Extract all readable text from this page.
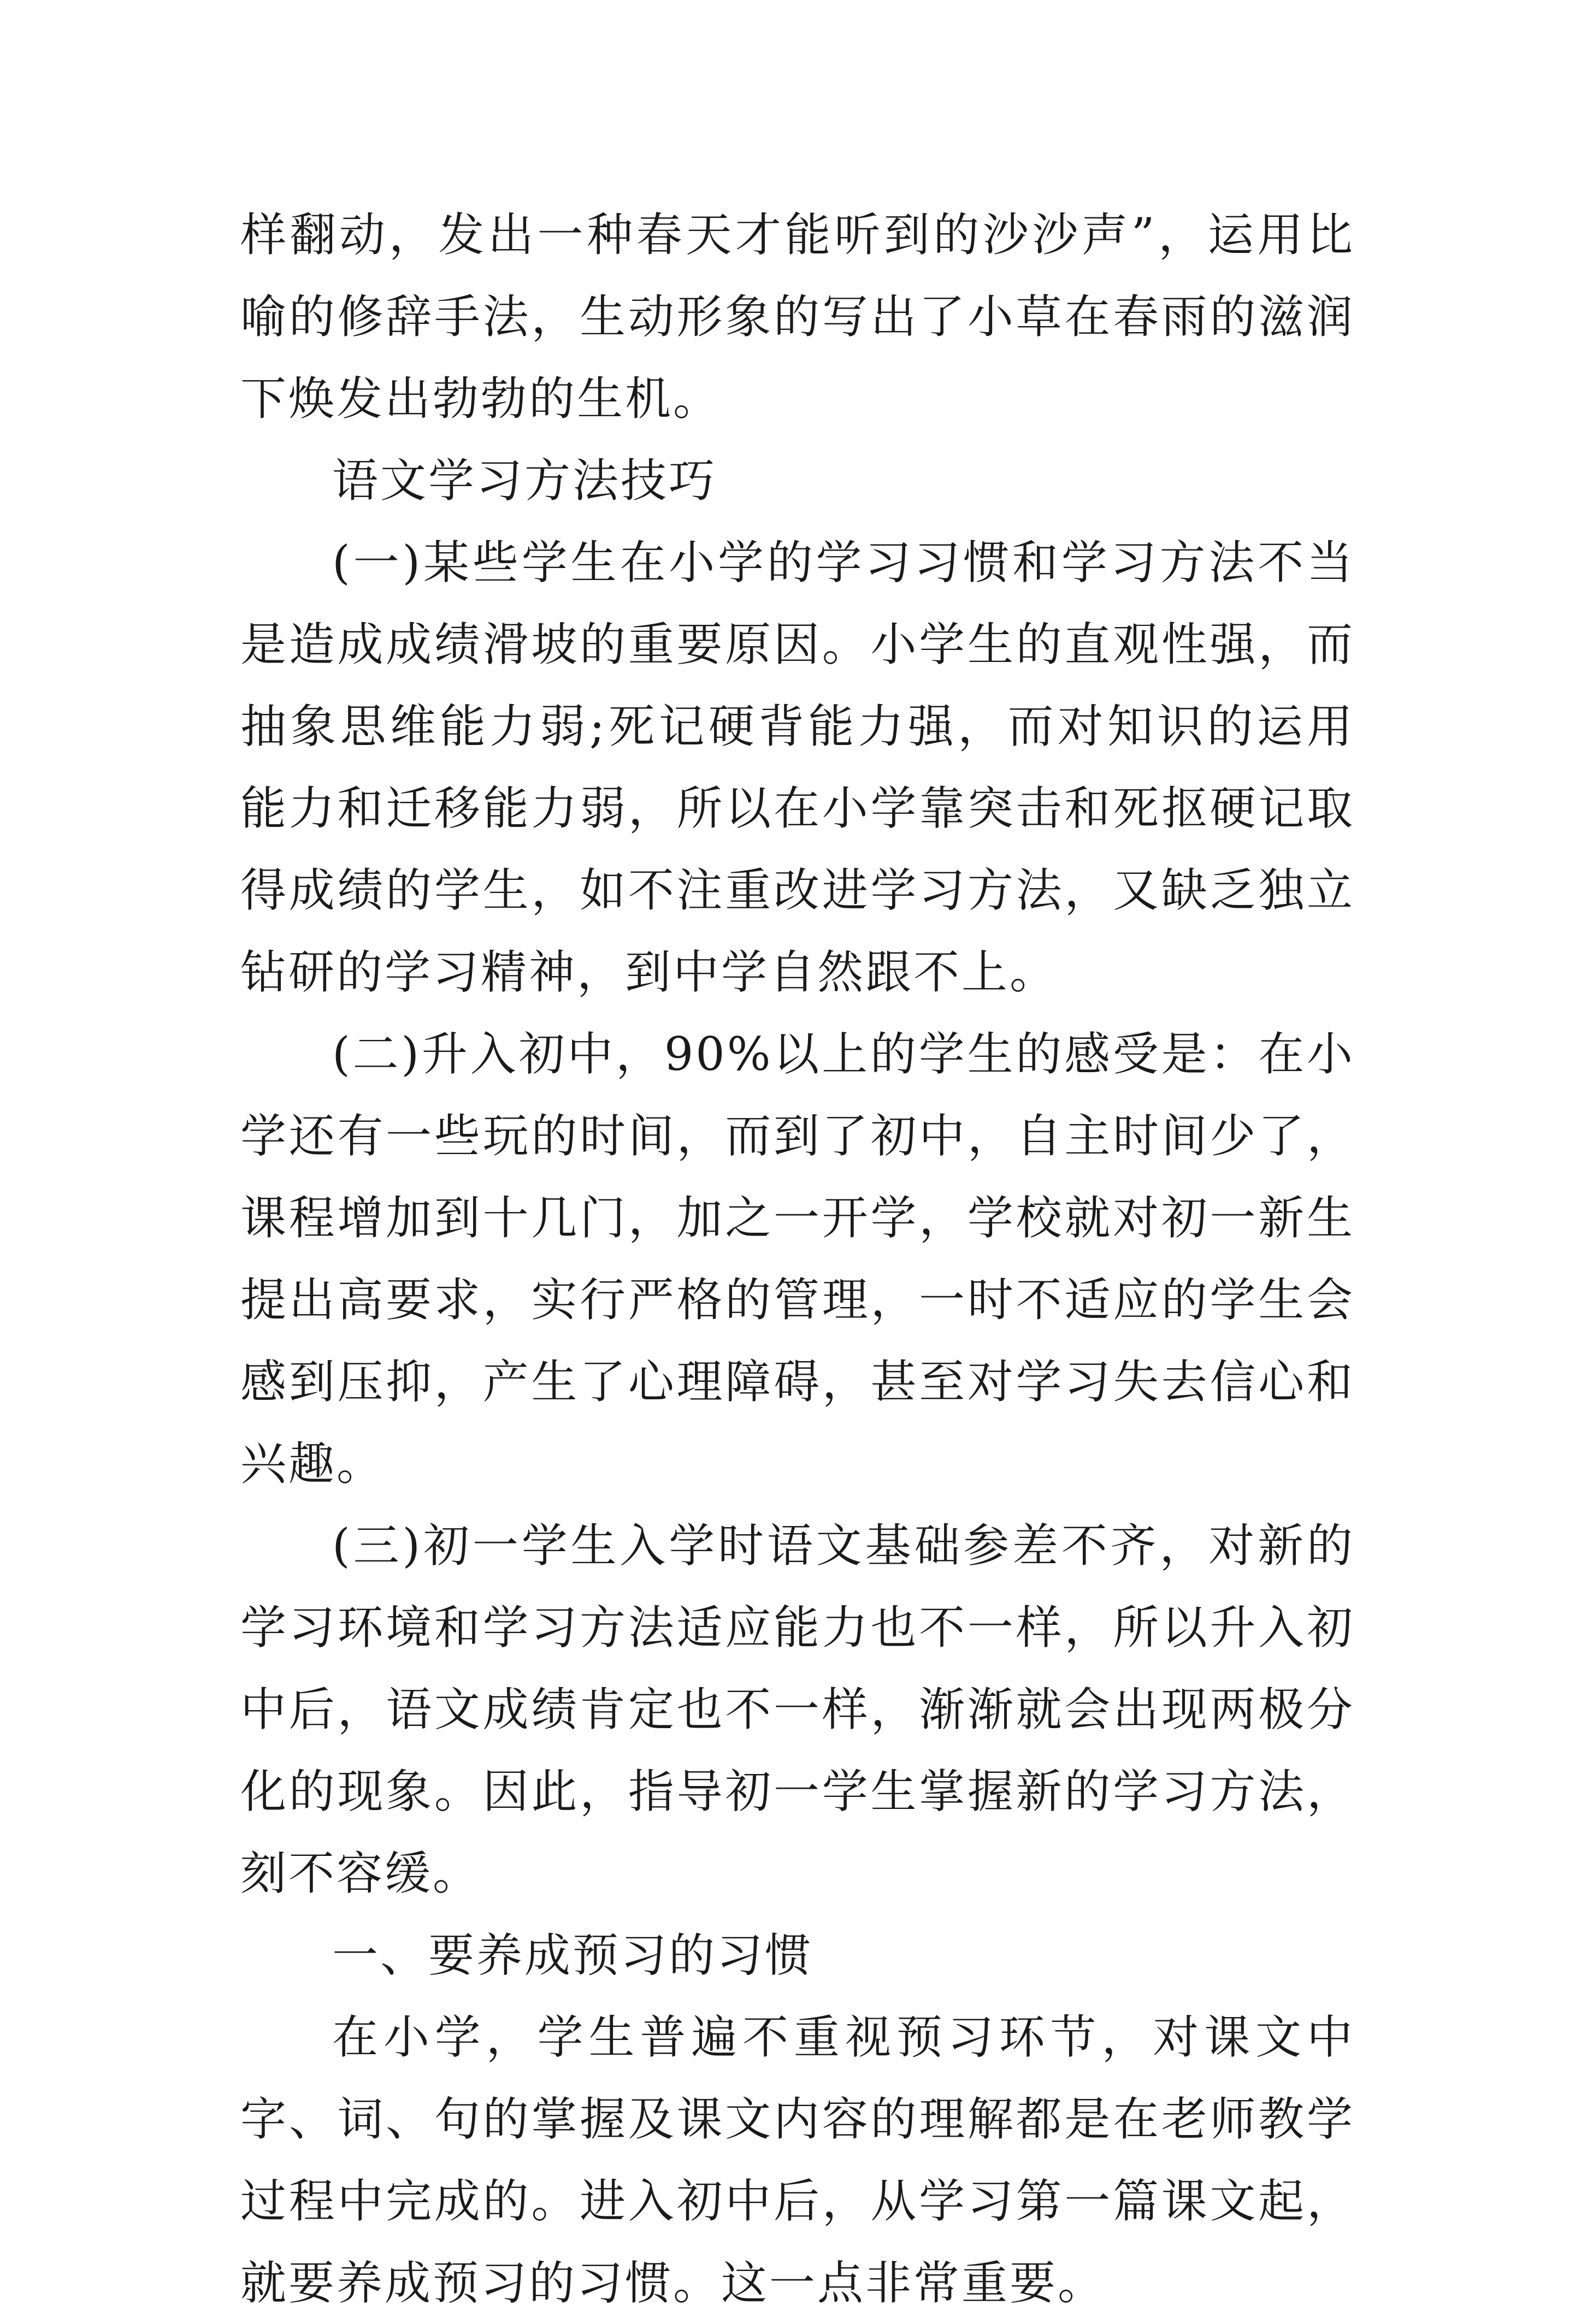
样翻动，发出一种春天才能听到的沙沙声”，运用比喻的修辞手法，生动形象的写出了小草在春雨的滋润下焕发出勃勃的生机。

语文学习方法技巧

(一)某些学生在小学的学习习惯和学习方法不当是造成成绩滑坡的重要原因。小学生的直观性强，而抽象思维能力弱;死记硬背能力强，而对知识的运用能力和迁移能力弱，所以在小学靠突击和死抠硬记取得成绩的学生，如不注重改进学习方法，又缺乏独立钻研的学习精神，到中学自然跟不上。

(二)升入初中，90%以上的学生的感受是：在小学还有一些玩的时间，而到了初中，自主时间少了，课程增加到十几门，加之一开学，学校就对初一新生提出高要求，实行严格的管理，一时不适应的学生会感到压抑，产生了心理障碍，甚至对学习失去信心和兴趣。

(三)初一学生入学时语文基础参差不齐，对新的学习环境和学习方法适应能力也不一样，所以升入初中后，语文成绩肯定也不一样，渐渐就会出现两极分化的现象。因此，指导初一学生掌握新的学习方法，刻不容缓。

一、要养成预习的习惯

在小学，学生普遍不重视预习环节，对课文中字、词、句的掌握及课文内容的理解都是在老师教学过程中完成的。进入初中后，从学习第一篇课文起，就要养成预习的习惯。这一点非常重要。
